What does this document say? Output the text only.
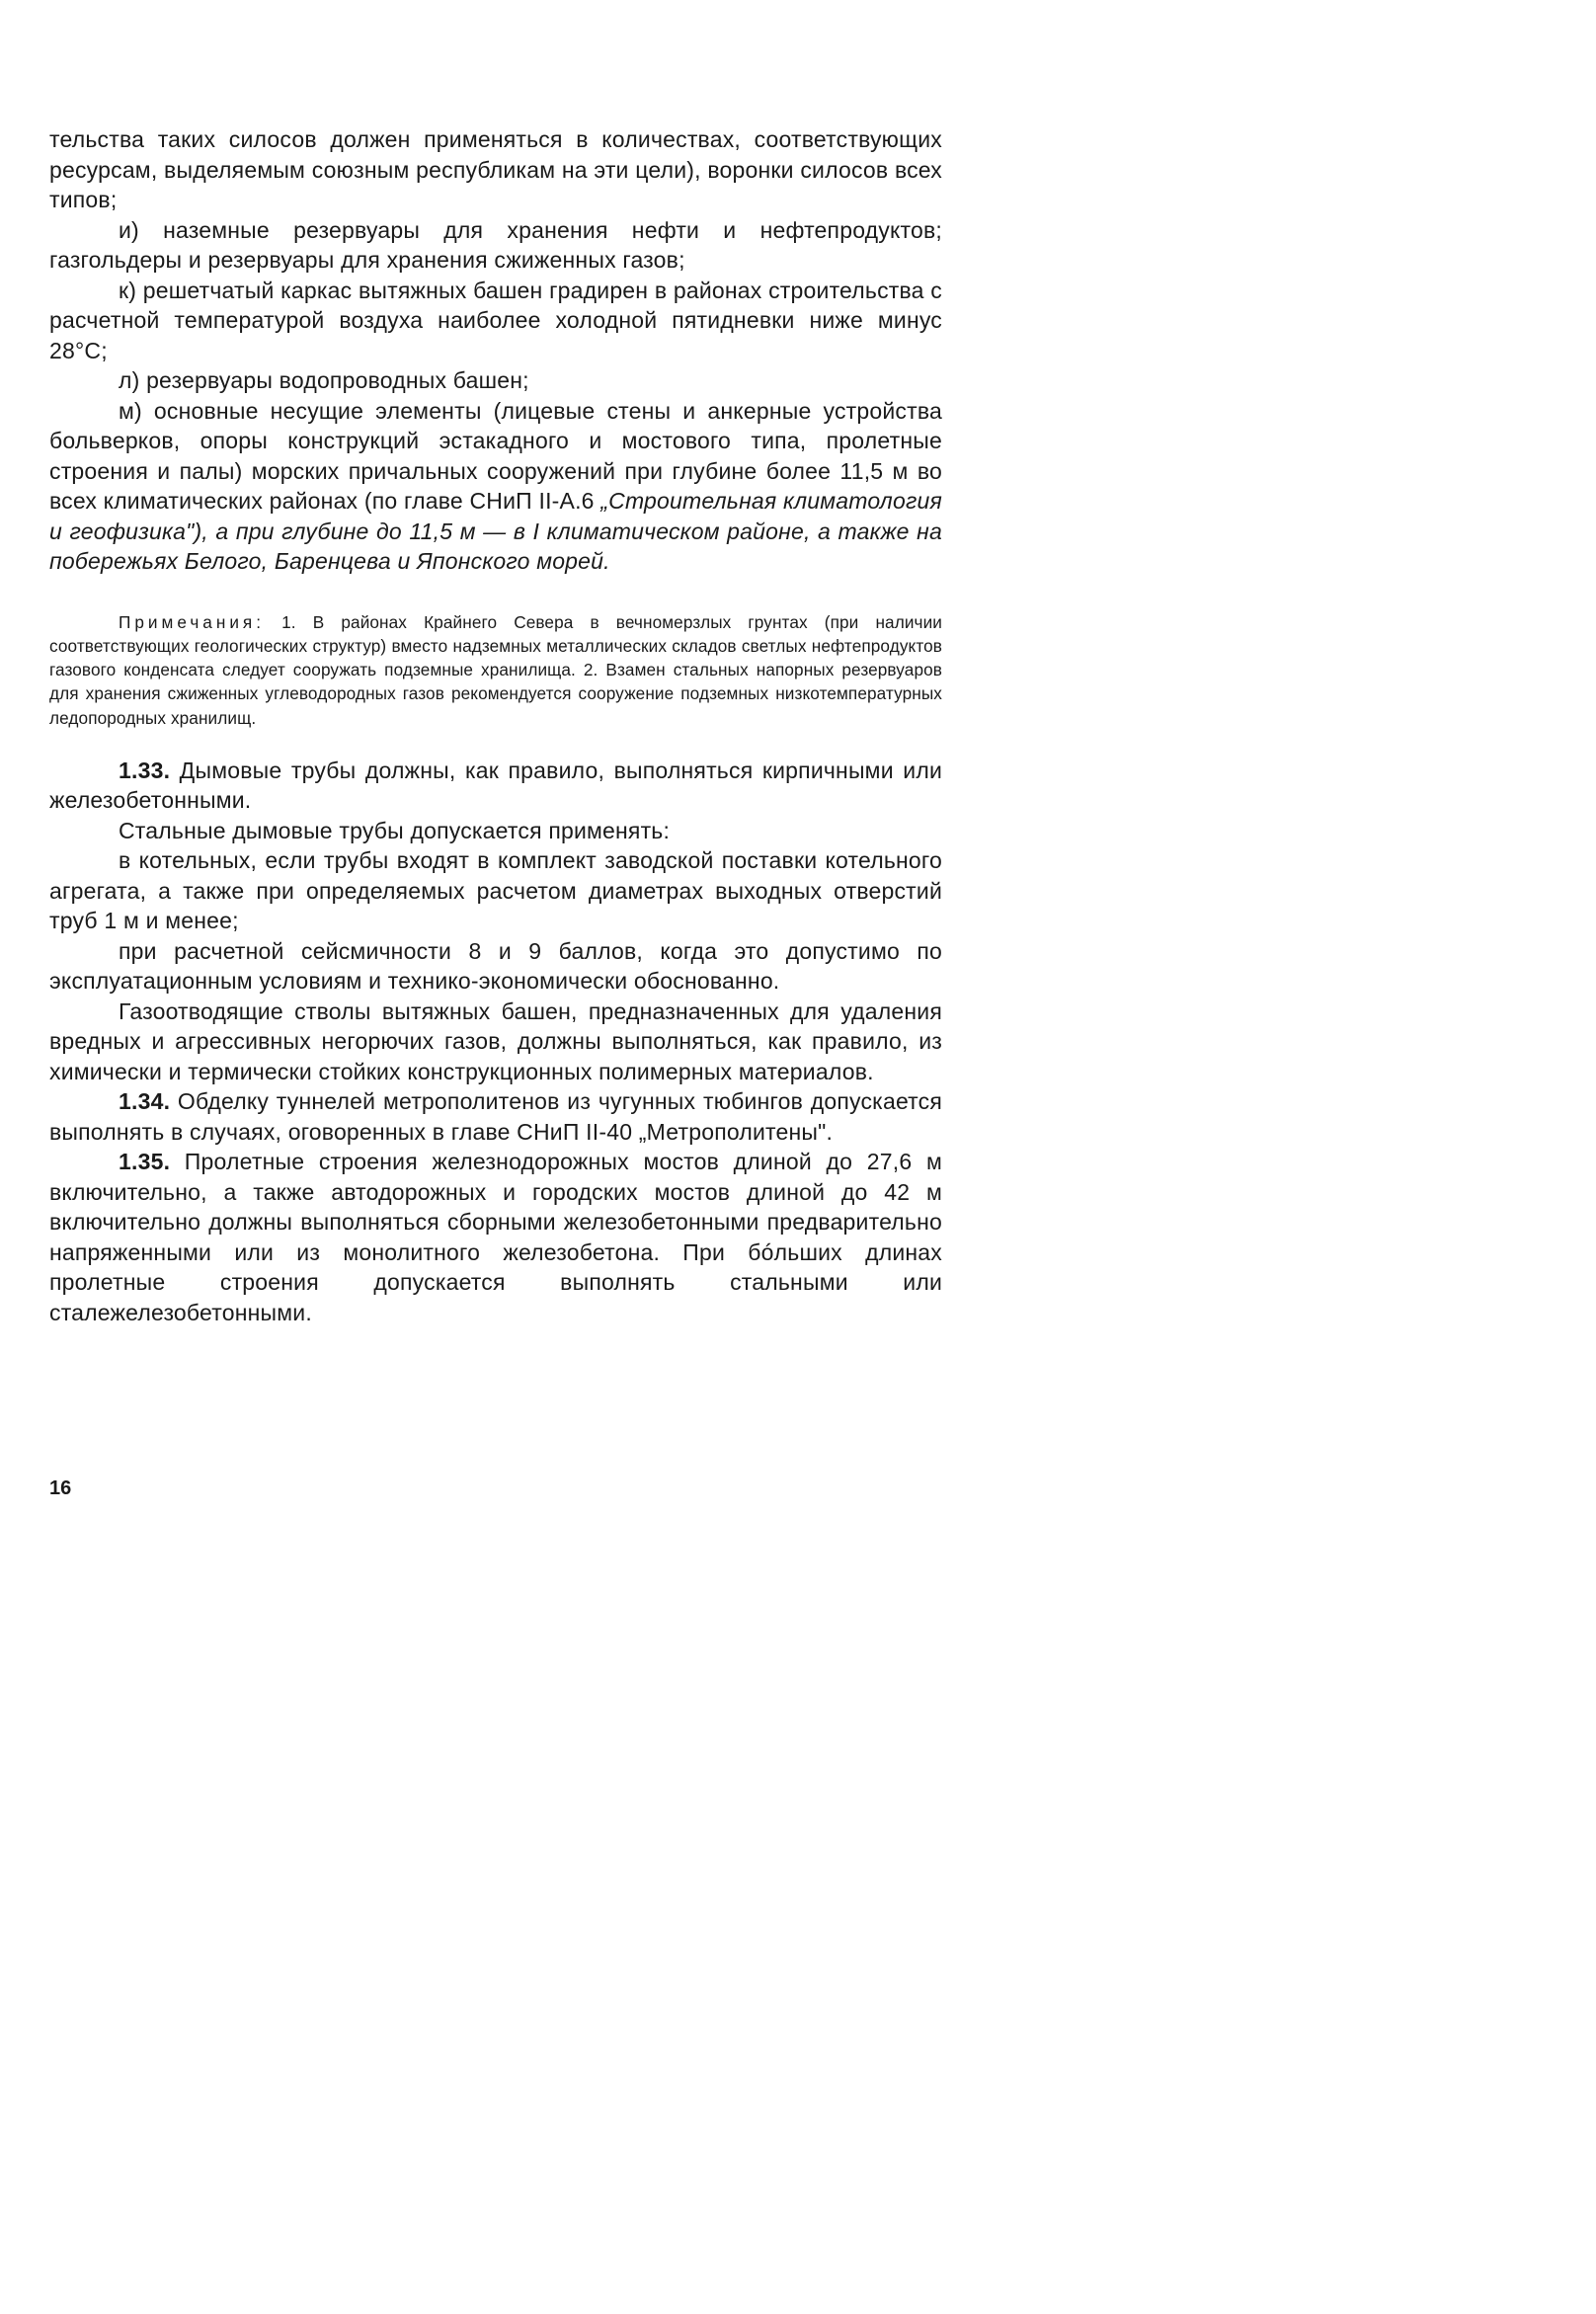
тельства таких силосов должен применяться в количествах, соответствующих ресурсам, выделяемым союзным республикам на эти цели), воронки силосов всех типов;

и) наземные резервуары для хранения нефти и нефтепродуктов; газгольдеры и резервуары для хранения сжиженных газов;

к) решетчатый каркас вытяжных башен градирен в районах строительства с расчетной температурой воздуха наиболее холодной пятидневки ниже минус 28°С;

л) резервуары водопроводных башен;

м) основные несущие элементы (лицевые стены и анкерные устройства больверков, опоры конструкций эстакадного и мостового типа, пролетные строения и палы) морских причальных сооружений при глубине более 11,5 м во всех климатических районах (по главе СНиП II-А.6 „Строительная климатология и геофизика"), а при глубине до 11,5 м — в I климатическом районе, а также на побережьях Белого, Баренцева и Японского морей.

Примечания: 1. В районах Крайнего Севера в вечномерзлых грунтах (при наличии соответствующих геологических структур) вместо надземных металлических складов светлых нефтепродуктов газового конденсата следует сооружать подземные хранилища. 2. Взамен стальных напорных резервуаров для хранения сжиженных углеводородных газов рекомендуется сооружение подземных низкотемпературных ледопородных хранилищ.

1.33. Дымовые трубы должны, как правило, выполняться кирпичными или железобетонными.

Стальные дымовые трубы допускается применять:

в котельных, если трубы входят в комплект заводской поставки котельного агрегата, а также при определяемых расчетом диаметрах выходных отверстий труб 1 м и менее;

при расчетной сейсмичности 8 и 9 баллов, когда это допустимо по эксплуатационным условиям и технико-экономически обоснованно.

Газоотводящие стволы вытяжных башен, предназначенных для удаления вредных и агрессивных негорючих газов, должны выполняться, как правило, из химически и термически стойких конструкционных полимерных материалов.

1.34. Обделку туннелей метрополитенов из чугунных тюбингов допускается выполнять в случаях, оговоренных в главе СНиП II-40 „Метрополитены".

1.35. Пролетные строения железнодорожных мостов длиной до 27,6 м включительно, а также автодорожных и городских мостов длиной до 42 м включительно должны выполняться сборными железобетонными предварительно напряженными или из монолитного железобетона. При бóльших длинах пролетные строения допускается выполнять стальными или сталежелезобетонными.

16
